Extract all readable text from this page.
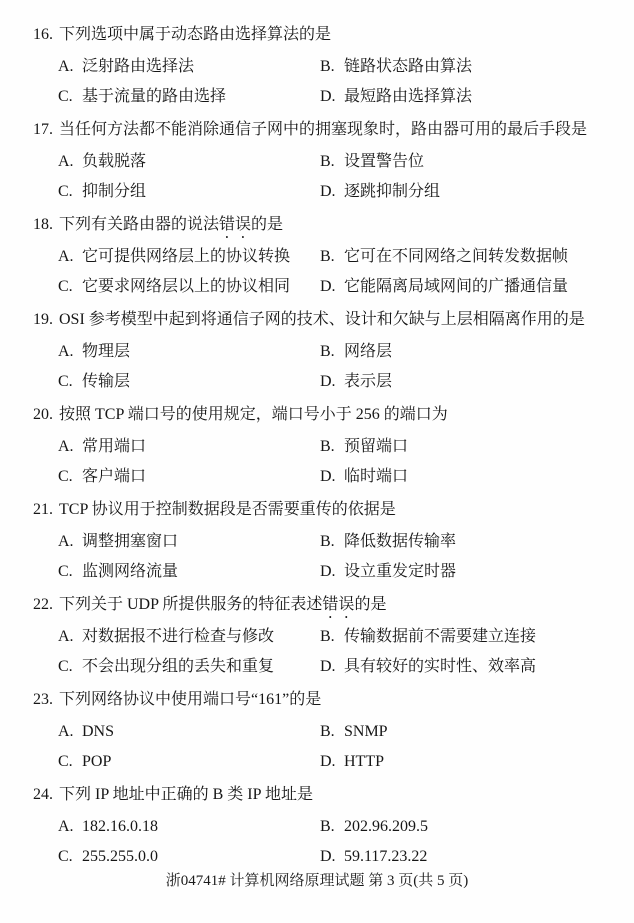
16. 下列选项中属于动态路由选择算法的是
A. 泛射路由选择法	B. 链路状态路由算法
C. 基于流量的路由选择	D. 最短路由选择算法
17. 当任何方法都不能消除通信子网中的拥塞现象时，路由器可用的最后手段是
A. 负载脱落	B. 设置警告位
C. 抑制分组	D. 逐跳抑制分组
18. 下列有关路由器的说法错误的是
A. 它可提供网络层上的协议转换 B. 它可在不同网络之间转发数据帧
C. 它要求网络层以上的协议相同 D. 它能隔离局域网间的广播通信量
19. OSI 参考模型中起到将通信子网的技术、设计和欠缺与上层相隔离作用的是
A. 物理层	B. 网络层
C. 传输层	D. 表示层
20. 按照 TCP 端口号的使用规定，端口号小于 256 的端口为
A. 常用端口	B. 预留端口
C. 客户端口	D. 临时端口
21. TCP 协议用于控制数据段是否需要重传的依据是
A. 调整拥塞窗口	B. 降低数据传输率
C. 监测网络流量	D. 设立重发定时器
22. 下列关于 UDP 所提供服务的特征表述错误的是
A. 对数据报不进行检查与修改	B. 传输数据前不需要建立连接
C. 不会出现分组的丢失和重复	D. 具有较好的实时性、效率高
23. 下列网络协议中使用端口号“161”的是
A. DNS	B. SNMP
C. POP	D. HTTP
24. 下列 IP 地址中正确的 B 类 IP 地址是
A. 182.16.0.18	B. 202.96.209.5
C. 255.255.0.0	D. 59.117.23.22
浙04741# 计算机网络原理试题 第 3 页(共 5 页)
